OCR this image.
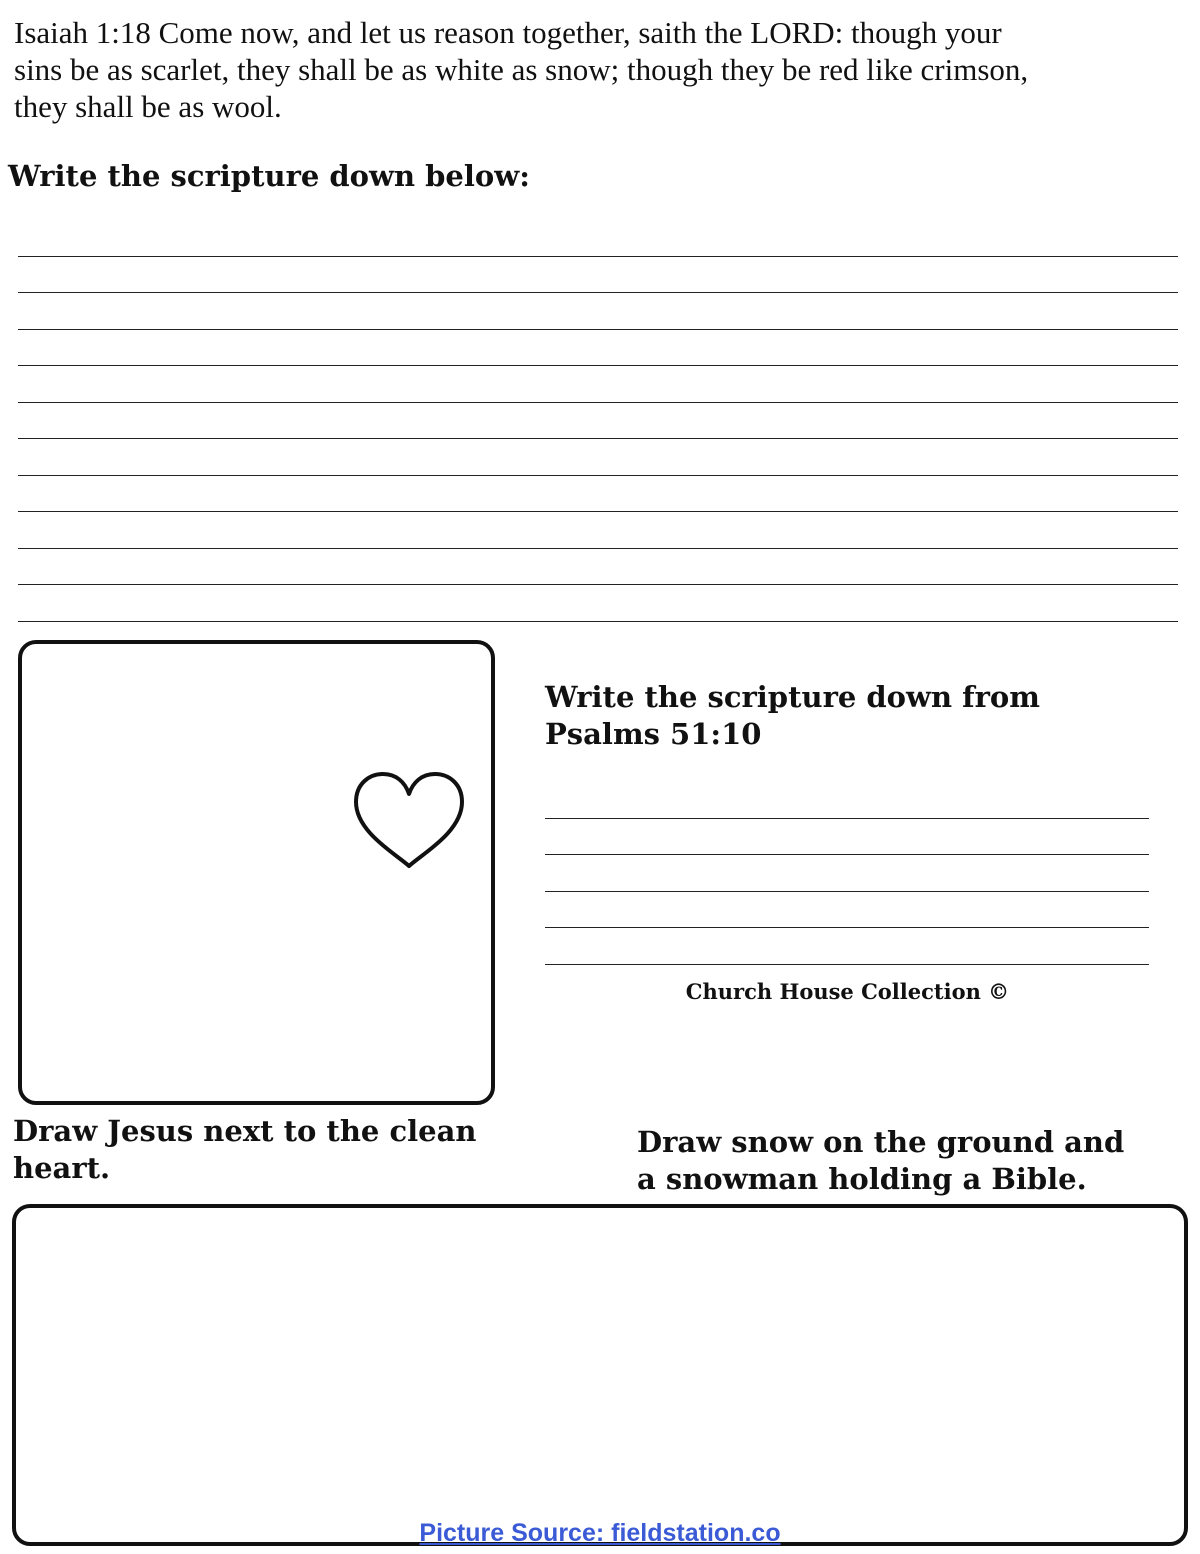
Isaiah 1:18 Come now, and let us reason together, saith the LORD: though your
sins be as scarlet, they shall be as white as snow; though they be red like crimson,
they shall be as wool.

Write the scripture down below:
Write the scripture down from
Psalms 51:10

Church House Collection ©

Draw Jesus next to the clean
heart.
Draw snow on the ground and
a snowman holding a Bible.

Picture Source: fieldstation.co
